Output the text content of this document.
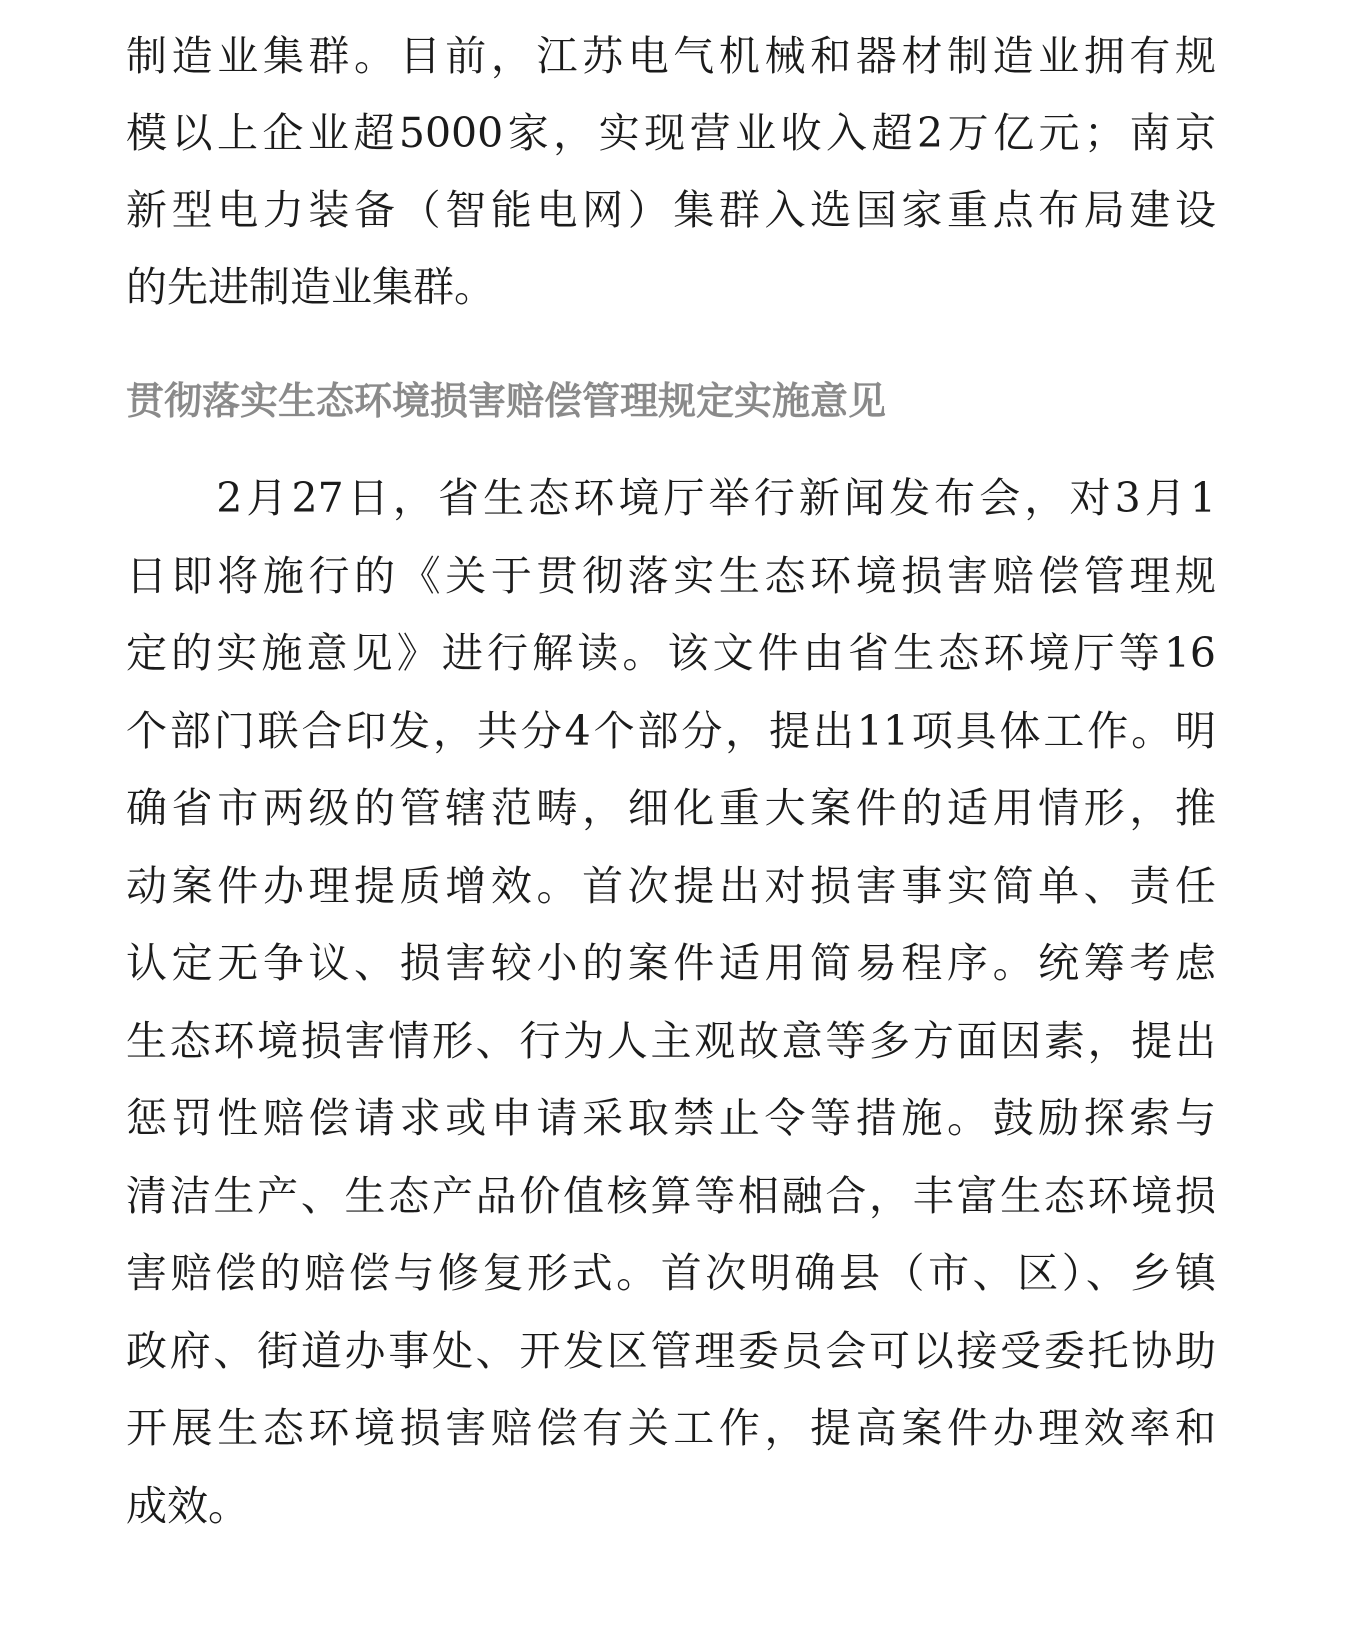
制造业集群。目前，江苏电气机械和器材制造业拥有规
模以上企业超5000家，实现营业收入超2万亿元；南京
新型电力装备（智能电网）集群入选国家重点布局建设
的先进制造业集群。
贯彻落实生态环境损害赔偿管理规定实施意见
　　2月27日，省生态环境厅举行新闻发布会，对3月1
日即将施行的《关于贯彻落实生态环境损害赔偿管理规
定的实施意见》进行解读。该文件由省生态环境厅等16
个部门联合印发，共分4个部分，提出11项具体工作。明
确省市两级的管辖范畴，细化重大案件的适用情形，推
动案件办理提质增效。首次提出对损害事实简单、责任
认定无争议、损害较小的案件适用简易程序。统筹考虑
生态环境损害情形、行为人主观故意等多方面因素，提出
惩罚性赔偿请求或申请采取禁止令等措施。鼓励探索与
清洁生产、生态产品价值核算等相融合，丰富生态环境损
害赔偿的赔偿与修复形式。首次明确县（市、区）、乡镇
政府、街道办事处、开发区管理委员会可以接受委托协助
开展生态环境损害赔偿有关工作，提高案件办理效率和
成效。
